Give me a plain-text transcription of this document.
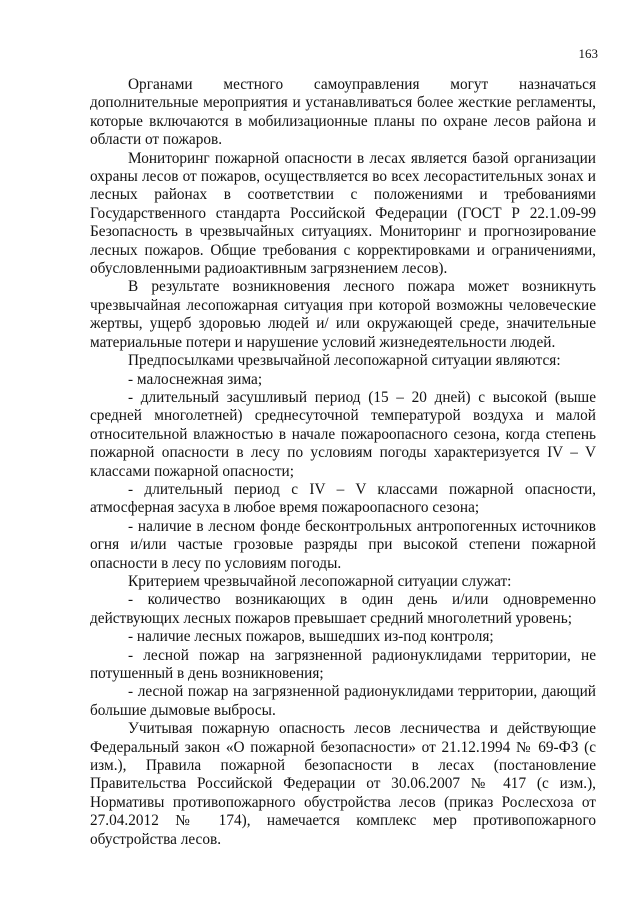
163

Органами местного самоуправления могут назначаться дополнительные мероприятия и устанавливаться более жесткие регламенты, которые включаются в мобилизационные планы по охране лесов района и области от пожаров.

Мониторинг пожарной опасности в лесах является базой организации охраны лесов от пожаров, осуществляется во всех лесорастительных зонах и лесных районах в соответствии с положениями и требованиями Государственного стандарта Российской Федерации (ГОСТ Р 22.1.09-99 Безопасность в чрезвычайных ситуациях. Мониторинг и прогнозирование лесных пожаров. Общие требования с корректировками и ограничениями, обусловленными радиоактивным загрязнением лесов).

В результате возникновения лесного пожара может возникнуть чрезвычайная лесопожарная ситуация при которой возможны человеческие жертвы, ущерб здоровью людей и/ или окружающей среде, значительные материальные потери и нарушение условий жизнедеятельности людей.

Предпосылками чрезвычайной лесопожарной ситуации являются:

- малоснежная зима;

- длительный засушливый период (15 – 20 дней) с высокой (выше средней многолетней) среднесуточной температурой воздуха и малой относительной влажностью в начале пожароопасного сезона, когда степень пожарной опасности в лесу по условиям погоды характеризуется IV – V классами пожарной опасности;

- длительный период с IV – V классами пожарной опасности, атмосферная засуха в любое время пожароопасного сезона;

- наличие в лесном фонде бесконтрольных антропогенных источников огня и/или частые грозовые разряды при высокой степени пожарной опасности в лесу по условиям погоды.

Критерием чрезвычайной лесопожарной ситуации служат:

- количество возникающих в один день и/или одновременно действующих лесных пожаров превышает средний многолетний уровень;

- наличие лесных пожаров, вышедших из-под контроля;

- лесной пожар на загрязненной радионуклидами территории, не потушенный в день возникновения;

- лесной пожар на загрязненной радионуклидами территории, дающий большие дымовые выбросы.

Учитывая пожарную опасность лесов лесничества и действующие Федеральный закон «О пожарной безопасности» от 21.12.1994 № 69-ФЗ (с изм.), Правила пожарной безопасности в лесах (постановление Правительства Российской Федерации от 30.06.2007 № 417 (с изм.), Нормативы противопожарного обустройства лесов (приказ Рослесхоза от 27.04.2012 № 174), намечается комплекс мер противопожарного обустройства лесов.
